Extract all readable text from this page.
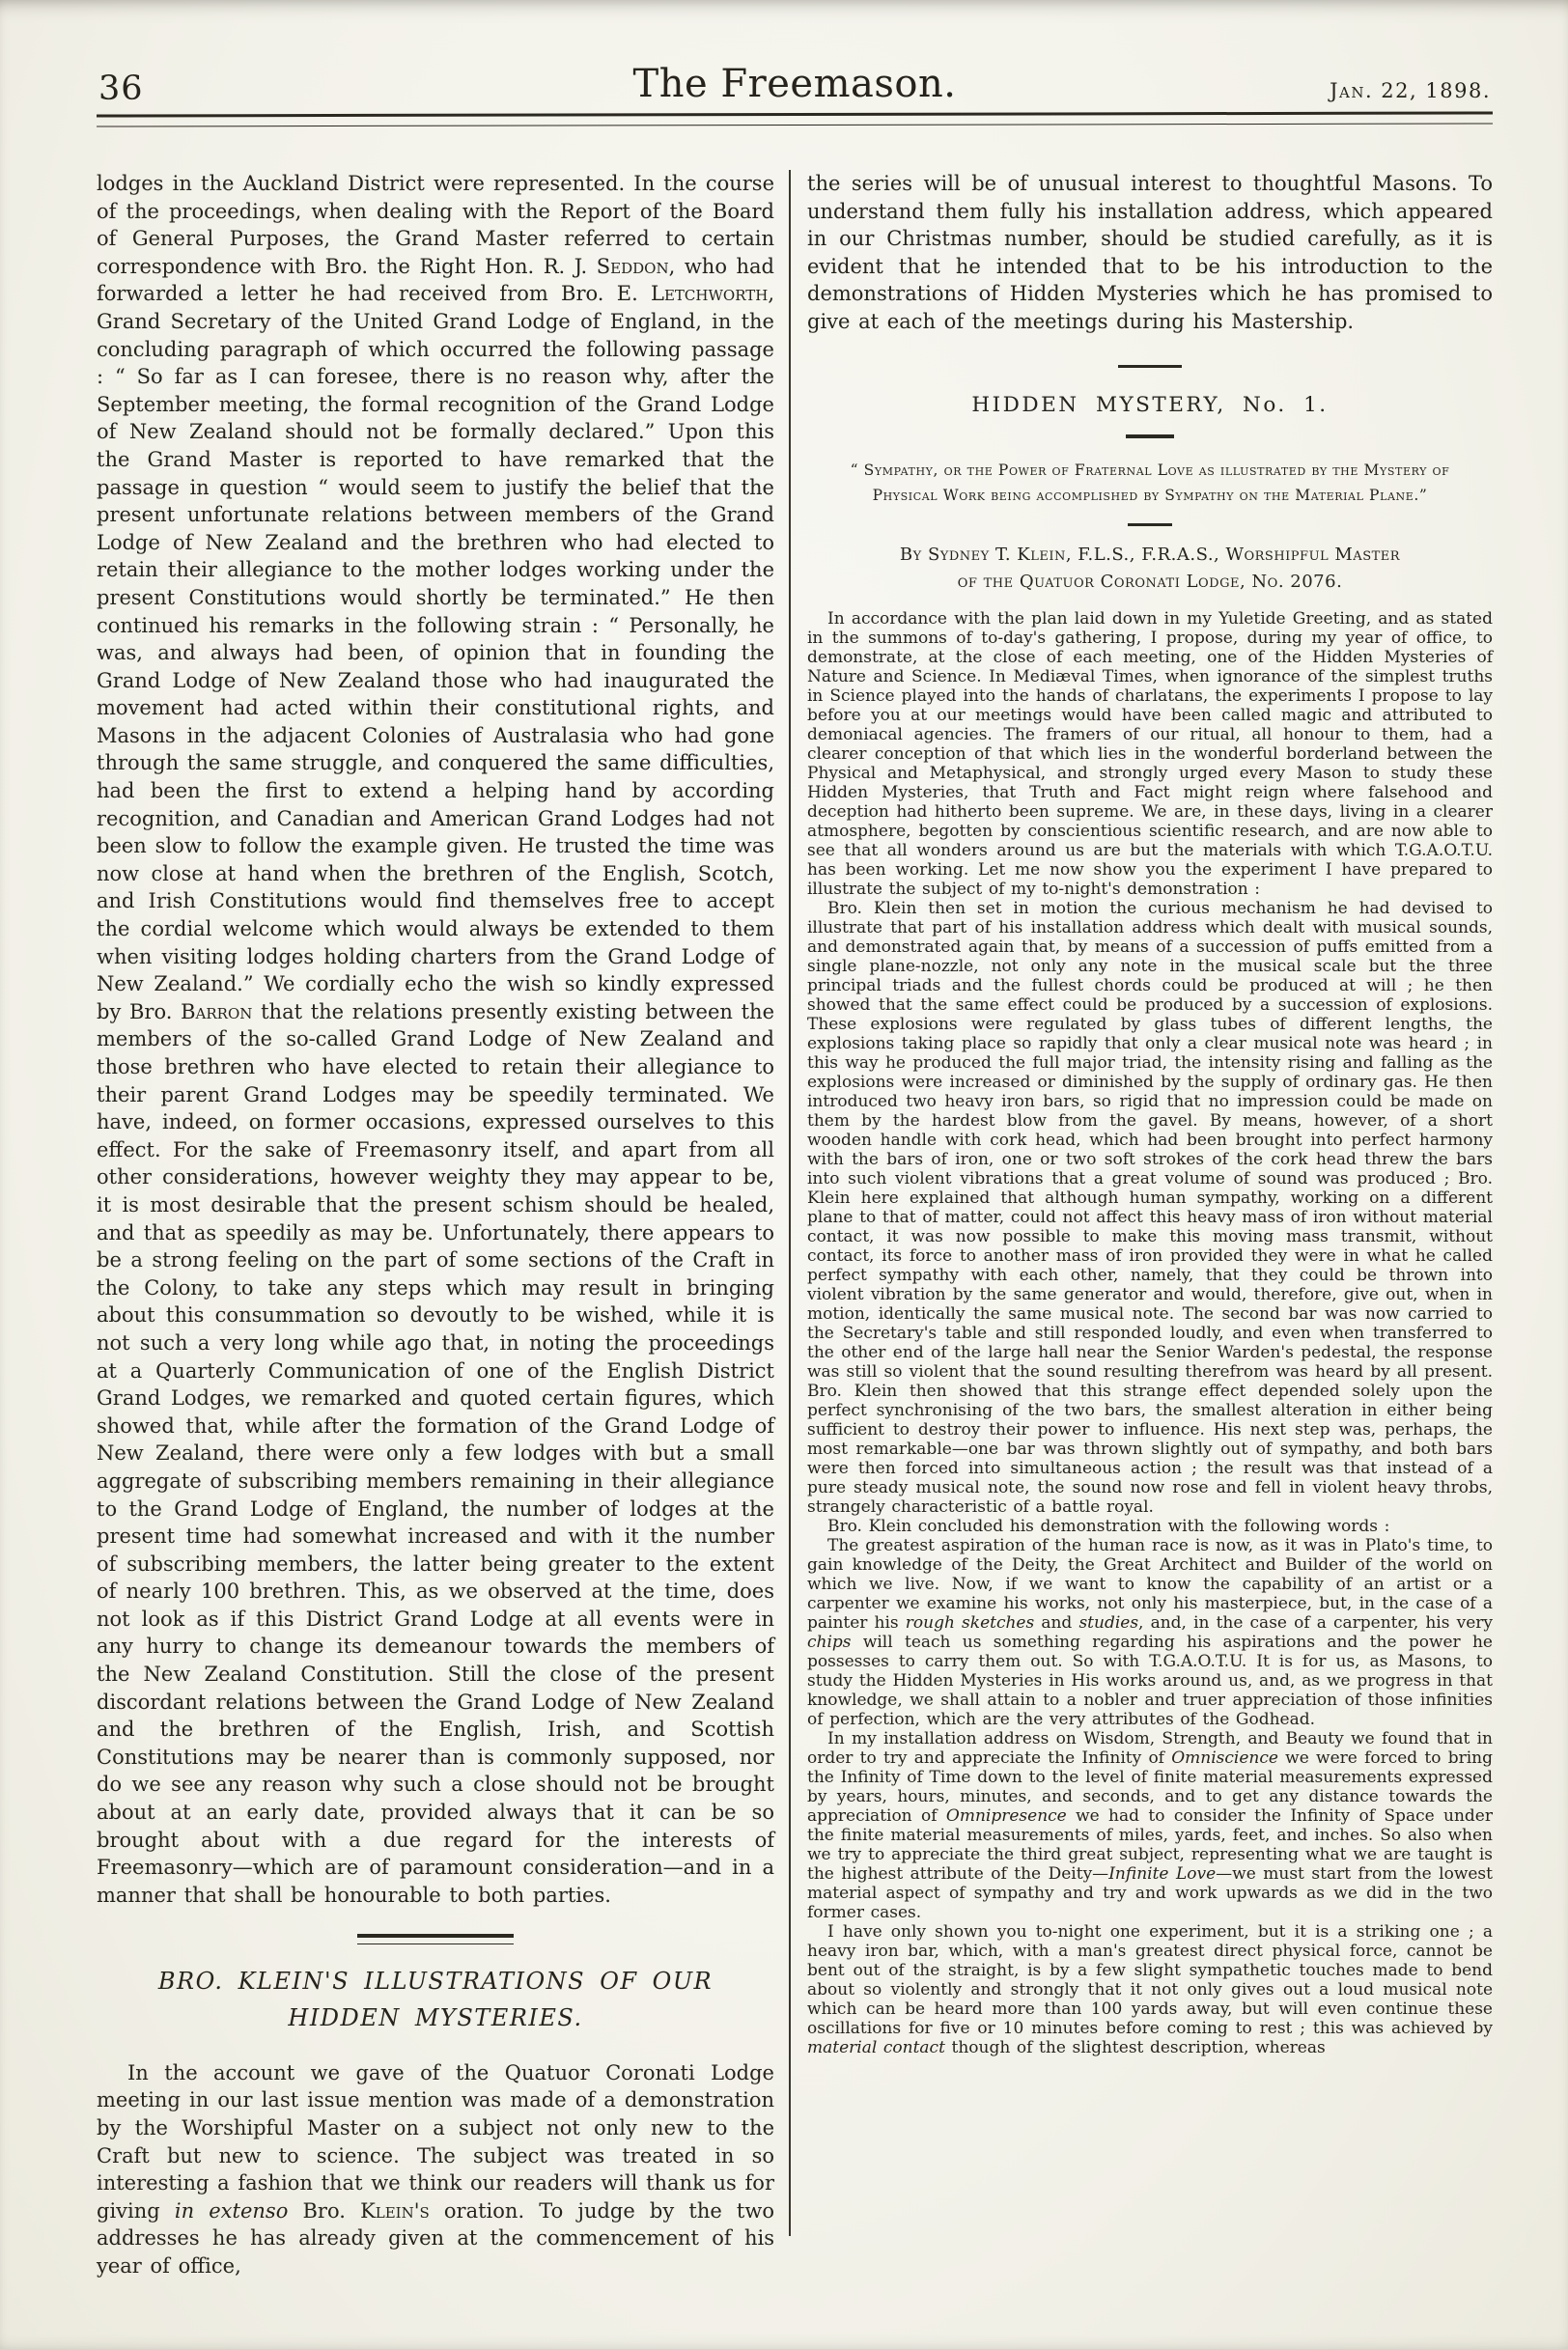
36	The Freemason.	Jan. 22, 1898.

lodges in the Auckland District were represented. In the course of the proceedings, when dealing with the Report of the Board of General Purposes, the Grand Master referred to certain correspondence with Bro. the Right Hon. R. J. Seddon, who had forwarded a letter he had received from Bro. E. Letchworth, Grand Secretary of the United Grand Lodge of England, in the concluding paragraph of which occurred the following passage : “ So far as I can foresee, there is no reason why, after the September meeting, the formal recognition of the Grand Lodge of New Zealand should not be formally declared.” Upon this the Grand Master is reported to have remarked that the passage in question “ would seem to justify the belief that the present unfortunate relations between members of the Grand Lodge of New Zealand and the brethren who had elected to retain their allegiance to the mother lodges working under the present Constitutions would shortly be terminated.” He then continued his remarks in the following strain : “ Personally, he was, and always had been, of opinion that in founding the Grand Lodge of New Zealand those who had inaugurated the movement had acted within their constitutional rights, and Masons in the adjacent Colonies of Australasia who had gone through the same struggle, and conquered the same difficulties, had been the first to extend a helping hand by according recognition, and Canadian and American Grand Lodges had not been slow to follow the example given. He trusted the time was now close at hand when the brethren of the English, Scotch, and Irish Constitutions would find themselves free to accept the cordial welcome which would always be extended to them when visiting lodges holding charters from the Grand Lodge of New Zealand.” We cordially echo the wish so kindly expressed by Bro. Barron that the relations presently existing between the members of the so-called Grand Lodge of New Zealand and those brethren who have elected to retain their allegiance to their parent Grand Lodges may be speedily terminated. We have, indeed, on former occasions, expressed ourselves to this effect. For the sake of Freemasonry itself, and apart from all other considerations, however weighty they may appear to be, it is most desirable that the present schism should be healed, and that as speedily as may be. Unfortunately, there appears to be a strong feeling on the part of some sections of the Craft in the Colony, to take any steps which may result in bringing about this consummation so devoutly to be wished, while it is not such a very long while ago that, in noting the proceedings at a Quarterly Communication of one of the English District Grand Lodges, we remarked and quoted certain figures, which showed that, while after the formation of the Grand Lodge of New Zealand, there were only a few lodges with but a small aggregate of subscribing members remaining in their allegiance to the Grand Lodge of England, the number of lodges at the present time had somewhat increased and with it the number of subscribing members, the latter being greater to the extent of nearly 100 brethren. This, as we observed at the time, does not look as if this District Grand Lodge at all events were in any hurry to change its demeanour towards the members of the New Zealand Constitution. Still the close of the present discordant relations between the Grand Lodge of New Zealand and the brethren of the English, Irish, and Scottish Constitutions may be nearer than is commonly supposed, nor do we see any reason why such a close should not be brought about at an early date, provided always that it can be so brought about with a due regard for the interests of Freemasonry—which are of paramount consideration—and in a manner that shall be honourable to both parties.

BRO. KLEIN'S ILLUSTRATIONS OF OUR
HIDDEN MYSTERIES.

In the account we gave of the Quatuor Coronati Lodge meeting in our last issue mention was made of a demonstration by the Worshipful Master on a subject not only new to the Craft but new to science. The subject was treated in so interesting a fashion that we think our readers will thank us for giving in extenso Bro. Klein's oration. To judge by the two addresses he has already given at the commencement of his year of office,

the series will be of unusual interest to thoughtful Masons. To understand them fully his installation address, which appeared in our Christmas number, should be studied carefully, as it is evident that he intended that to be his introduction to the demonstrations of Hidden Mysteries which he has promised to give at each of the meetings during his Mastership.

HIDDEN MYSTERY, No. 1.
“ Sympathy, or the Power of Fraternal Love as illustrated by the Mystery of Physical Work being accomplished by Sympathy on the Material Plane.”
By Sydney T. Klein, F.L.S., F.R.A.S., Worshipful Master
of the Quatuor Coronati Lodge, No. 2076.

In accordance with the plan laid down in my Yuletide Greeting, and as stated in the summons of to-day's gathering, I propose, during my year of office, to demonstrate, at the close of each meeting, one of the Hidden Mysteries of Nature and Science. In Mediæval Times, when ignorance of the simplest truths in Science played into the hands of charlatans, the experiments I propose to lay before you at our meetings would have been called magic and attributed to demoniacal agencies. The framers of our ritual, all honour to them, had a clearer conception of that which lies in the wonderful borderland between the Physical and Metaphysical, and strongly urged every Mason to study these Hidden Mysteries, that Truth and Fact might reign where falsehood and deception had hitherto been supreme. We are, in these days, living in a clearer atmosphere, begotten by conscientious scientific research, and are now able to see that all wonders around us are but the materials with which T.G.A.O.T.U. has been working. Let me now show you the experiment I have prepared to illustrate the subject of my to-night's demonstration :

Bro. Klein then set in motion the curious mechanism he had devised to illustrate that part of his installation address which dealt with musical sounds, and demonstrated again that, by means of a succession of puffs emitted from a single plane-nozzle, not only any note in the musical scale but the three principal triads and the fullest chords could be produced at will ; he then showed that the same effect could be produced by a succession of explosions. These explosions were regulated by glass tubes of different lengths, the explosions taking place so rapidly that only a clear musical note was heard ; in this way he produced the full major triad, the intensity rising and falling as the explosions were increased or diminished by the supply of ordinary gas. He then introduced two heavy iron bars, so rigid that no impression could be made on them by the hardest blow from the gavel. By means, however, of a short wooden handle with cork head, which had been brought into perfect harmony with the bars of iron, one or two soft strokes of the cork head threw the bars into such violent vibrations that a great volume of sound was produced ; Bro. Klein here explained that although human sympathy, working on a different plane to that of matter, could not affect this heavy mass of iron without material contact, it was now possible to make this moving mass transmit, without contact, its force to another mass of iron provided they were in what he called perfect sympathy with each other, namely, that they could be thrown into violent vibration by the same generator and would, therefore, give out, when in motion, identically the same musical note. The second bar was now carried to the Secretary's table and still responded loudly, and even when transferred to the other end of the large hall near the Senior Warden's pedestal, the response was still so violent that the sound resulting therefrom was heard by all present. Bro. Klein then showed that this strange effect depended solely upon the perfect synchronising of the two bars, the smallest alteration in either being sufficient to destroy their power to influence. His next step was, perhaps, the most remarkable—one bar was thrown slightly out of sympathy, and both bars were then forced into simultaneous action ; the result was that instead of a pure steady musical note, the sound now rose and fell in violent heavy throbs, strangely characteristic of a battle royal.

Bro. Klein concluded his demonstration with the following words :

The greatest aspiration of the human race is now, as it was in Plato's time, to gain knowledge of the Deity, the Great Architect and Builder of the world on which we live. Now, if we want to know the capability of an artist or a carpenter we examine his works, not only his masterpiece, but, in the case of a painter his rough sketches and studies, and, in the case of a carpenter, his very chips will teach us something regarding his aspirations and the power he possesses to carry them out. So with T.G.A.O.T.U. It is for us, as Masons, to study the Hidden Mysteries in His works around us, and, as we progress in that knowledge, we shall attain to a nobler and truer appreciation of those infinities of perfection, which are the very attributes of the Godhead.

In my installation address on Wisdom, Strength, and Beauty we found that in order to try and appreciate the Infinity of Omniscience we were forced to bring the Infinity of Time down to the level of finite material measurements expressed by years, hours, minutes, and seconds, and to get any distance towards the appreciation of Omnipresence we had to consider the Infinity of Space under the finite material measurements of miles, yards, feet, and inches. So also when we try to appreciate the third great subject, representing what we are taught is the highest attribute of the Deity—Infinite Love—we must start from the lowest material aspect of sympathy and try and work upwards as we did in the two former cases.

I have only shown you to-night one experiment, but it is a striking one ; a heavy iron bar, which, with a man's greatest direct physical force, cannot be bent out of the straight, is by a few slight sympathetic touches made to bend about so violently and strongly that it not only gives out a loud musical note which can be heard more than 100 yards away, but will even continue these oscillations for five or 10 minutes before coming to rest ; this was achieved by material contact though of the slightest description, whereas
